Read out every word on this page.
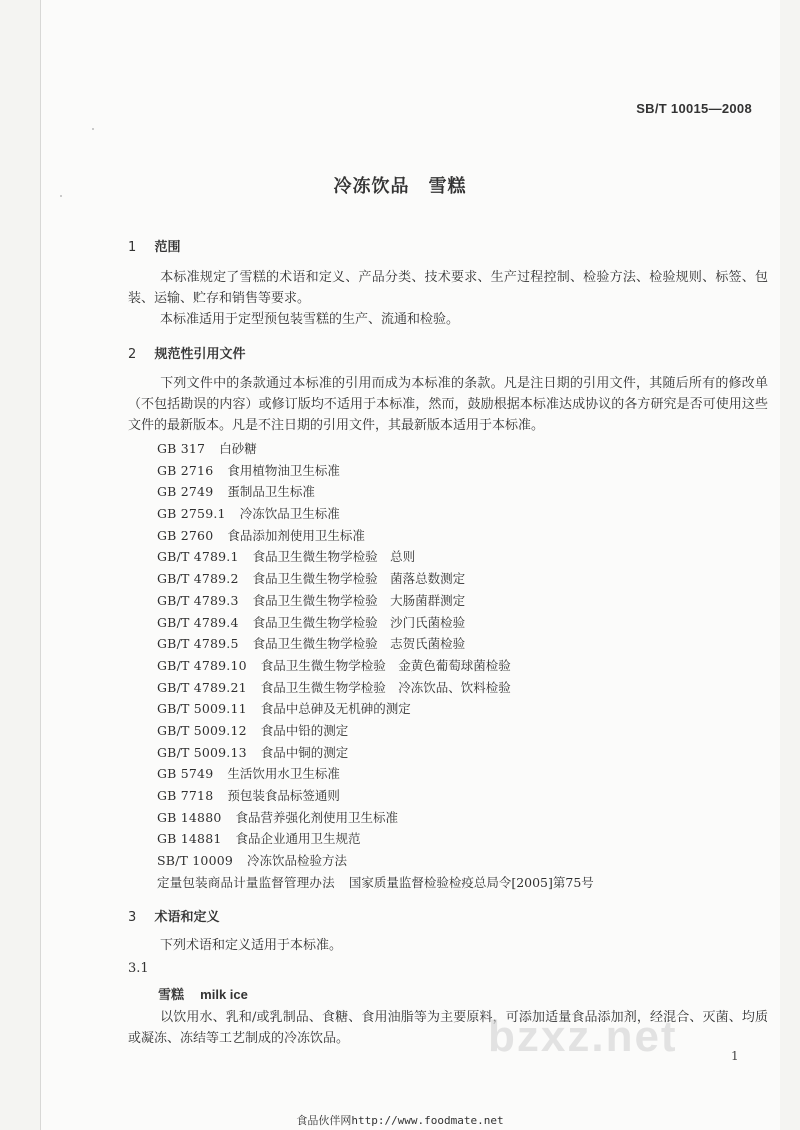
SB/T 10015—2008
冷冻饮品　雪糕
1 范围
本标准规定了雪糕的术语和定义、产品分类、技术要求、生产过程控制、检验方法、检验规则、标签、包装、运输、贮存和销售等要求。
本标准适用于定型预包装雪糕的生产、流通和检验。
2 规范性引用文件
下列文件中的条款通过本标准的引用而成为本标准的条款。凡是注日期的引用文件，其随后所有的修改单（不包括勘误的内容）或修订版均不适用于本标准，然而，鼓励根据本标准达成协议的各方研究是否可使用这些文件的最新版本。凡是不注日期的引用文件，其最新版本适用于本标准。
GB 317 白砂糖
GB 2716 食用植物油卫生标准
GB 2749 蛋制品卫生标准
GB 2759.1 冷冻饮品卫生标准
GB 2760 食品添加剂使用卫生标准
GB/T 4789.1 食品卫生微生物学检验　总则
GB/T 4789.2 食品卫生微生物学检验　菌落总数测定
GB/T 4789.3 食品卫生微生物学检验　大肠菌群测定
GB/T 4789.4 食品卫生微生物学检验　沙门氏菌检验
GB/T 4789.5 食品卫生微生物学检验　志贺氏菌检验
GB/T 4789.10 食品卫生微生物学检验　金黄色葡萄球菌检验
GB/T 4789.21 食品卫生微生物学检验　冷冻饮品、饮料检验
GB/T 5009.11 食品中总砷及无机砷的测定
GB/T 5009.12 食品中铅的测定
GB/T 5009.13 食品中铜的测定
GB 5749 生活饮用水卫生标准
GB 7718 预包装食品标签通则
GB 14880 食品营养强化剂使用卫生标准
GB 14881 食品企业通用卫生规范
SB/T 10009 冷冻饮品检验方法
定量包装商品计量监督管理办法 国家质量监督检验检疫总局令[2005]第75号
3 术语和定义
下列术语和定义适用于本标准。
3.1
雪糕 milk ice
以饮用水、乳和/或乳制品、食糖、食用油脂等为主要原料，可添加适量食品添加剂，经混合、灭菌、均质或凝冻、冻结等工艺制成的冷冻饮品。	bzxz.net	1
食品伙伴网http://www.foodmate.net
